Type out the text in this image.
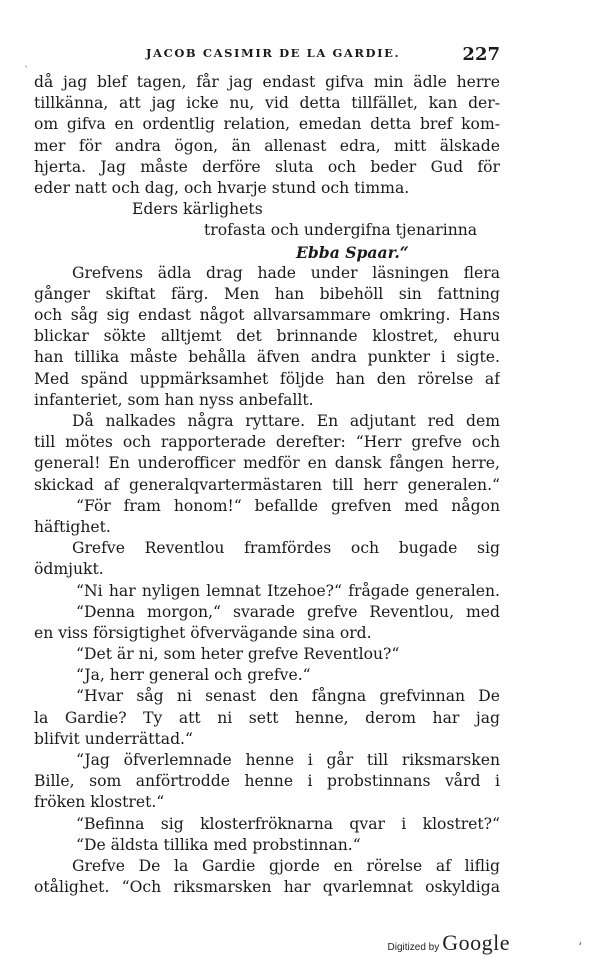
`
JACOB CASIMIR DE LA GARDIE.	227
då jag blef tagen, får jag endast gifva min ädle herre
tillkänna, att jag icke nu, vid detta tillfället, kan der-
om gifva en ordentlig relation, emedan detta bref kom-
mer för andra ögon, än allenast edra, mitt älskade
hjerta. Jag måste derföre sluta och beder Gud för
eder natt och dag, och hvarje stund och timma.
Eders kärlighets
trofasta och undergifna tjenarinna
Ebba Spaar.“
Grefvens ädla drag hade under läsningen flera
gånger skiftat färg. Men han bibehöll sin fattning
och såg sig endast något allvarsammare omkring. Hans
blickar sökte alltjemt det brinnande klostret, ehuru
han tillika måste behålla äfven andra punkter i sigte.
Med spänd uppmärksamhet följde han den rörelse af
infanteriet, som han nyss anbefallt.
Då nalkades några ryttare. En adjutant red dem
till mötes och rapporterade derefter: “Herr grefve och
general! En underofficer medför en dansk fången herre,
skickad af generalqvartermästaren till herr generalen.“
“För fram honom!“ befallde grefven med någon
häftighet.
Grefve Reventlou framfördes och bugade sig
ödmjukt.
“Ni har nyligen lemnat Itzehoe?“ frågade generalen.
“Denna morgon,“ svarade grefve Reventlou, med
en viss försigtighet öfvervägande sina ord.
“Det är ni, som heter grefve Reventlou?“
“Ja, herr general och grefve.“
“Hvar såg ni senast den fångna grefvinnan De
la Gardie? Ty att ni sett henne, derom har jag
blifvit underrättad.“
“Jag öfverlemnade henne i går till riksmarsken
Bille, som anförtrodde henne i probstinnans vård i
fröken klostret.“
“Befinna sig klosterfröknarna qvar i klostret?“
“De äldsta tillika med probstinnan.“
Grefve De la Gardie gjorde en rörelse af liflig
otålighet. “Och riksmarsken har qvarlemnat oskyldiga
Digitized by Google	ʻ
